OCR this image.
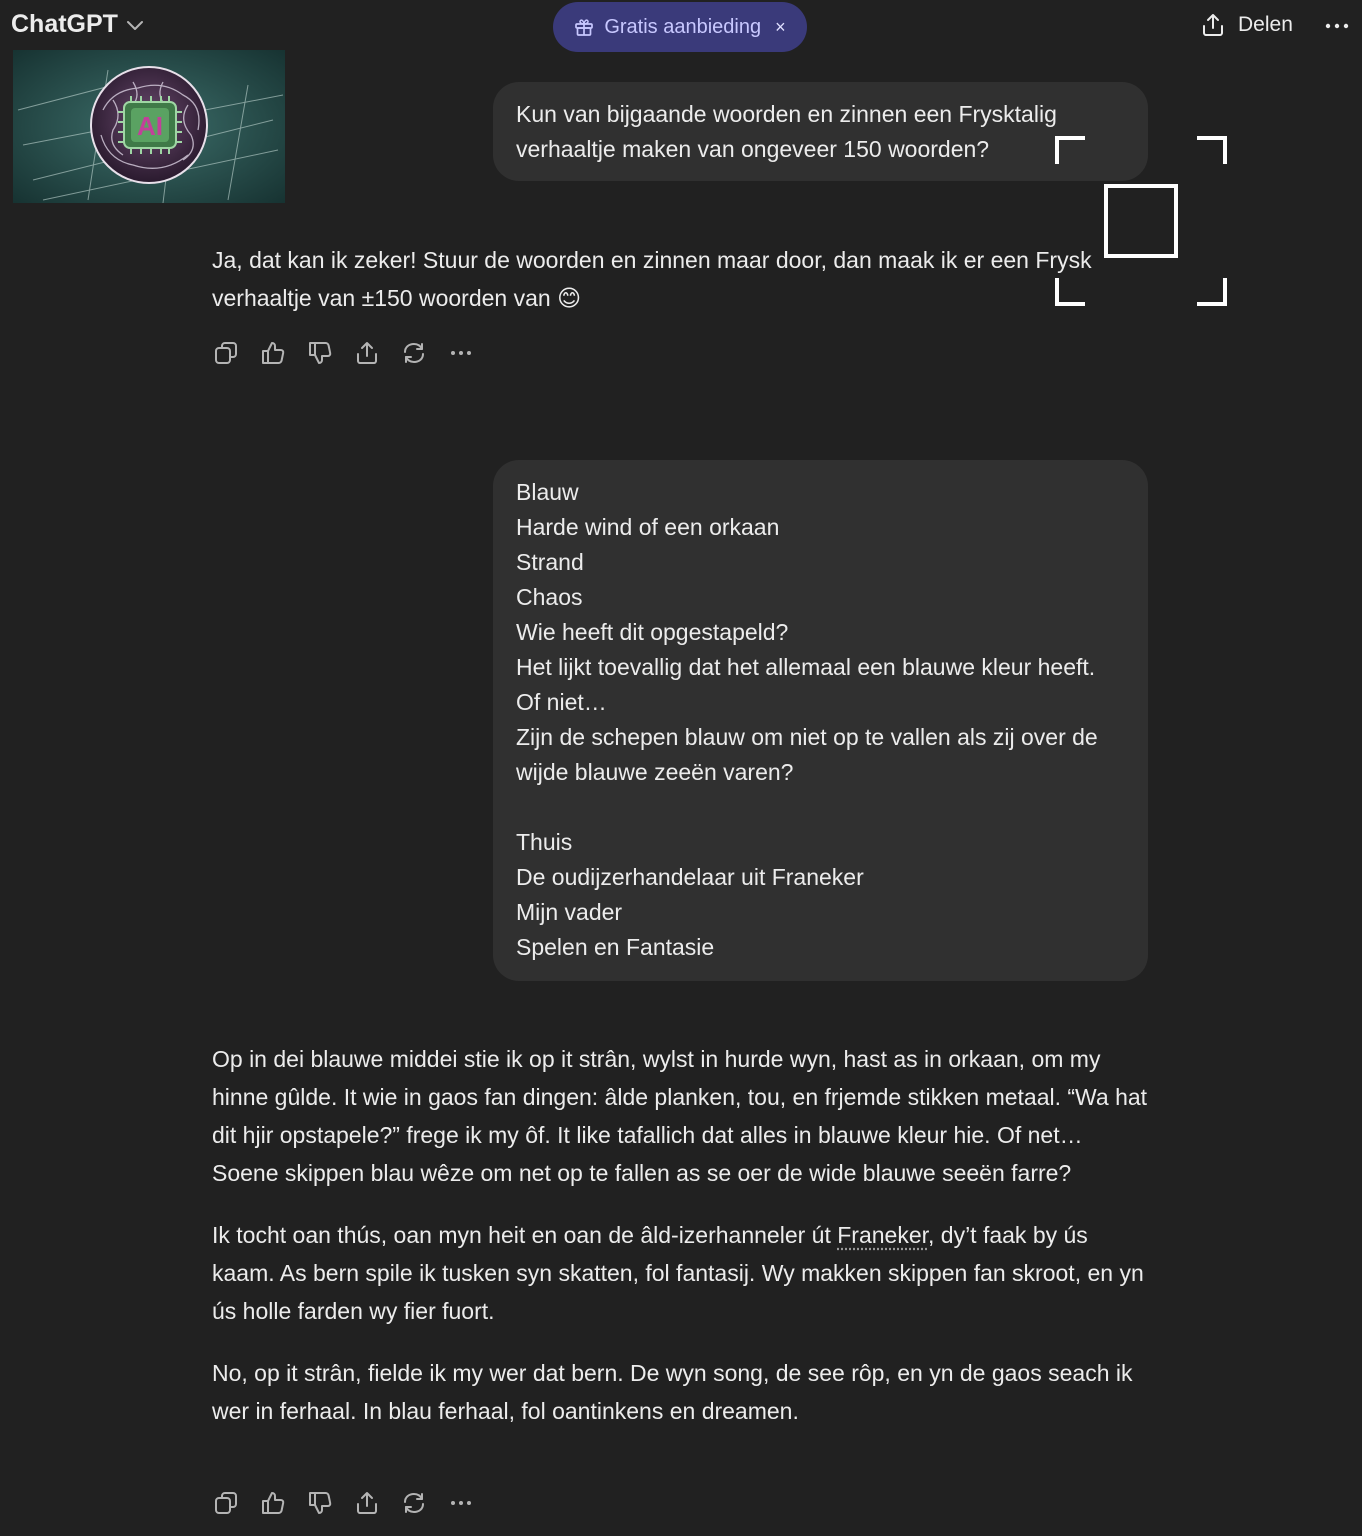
ChatGPT	Gratis aanbieding ×	Delen
AI	Kun van bijgaande woorden en zinnen een Frysktalig verhaaltje maken van ongeveer 150 woorden?

Ja, dat kan ik zeker! Stuur de woorden en zinnen maar door, dan maak ik er een Frysk verhaaltje van ±150 woorden van 😊

Blauw
Harde wind of een orkaan
Strand
Chaos
Wie heeft dit opgestapeld?
Het lijkt toevallig dat het allemaal een blauwe kleur heeft.
Of niet…
Zijn de schepen blauw om niet op te vallen als zij over de
wijde blauwe zeeën varen?
Thuis
De oudijzerhandelaar uit Franeker
Mijn vader
Spelen en Fantasie

Op in dei blauwe middei stie ik op it strân, wylst in hurde wyn, hast as in orkaan, om my hinne gûlde. It wie in gaos fan dingen: âlde planken, tou, en frjemde stikken metaal. “Wa hat dit hjir opstapele?” frege ik my ôf. It like tafallich dat alles in blauwe kleur hie. Of net… Soene skippen blau wêze om net op te fallen as se oer de wide blauwe seeën farre?

Ik tocht oan thús, oan myn heit en oan de âld-izerhanneler út Franeker, dy’t faak by ús kaam. As bern spile ik tusken syn skatten, fol fantasij. Wy makken skippen fan skroot, en yn ús holle farden wy fier fuort.

No, op it strân, fielde ik my wer dat bern. De wyn song, de see rôp, en yn de gaos seach ik wer in ferhaal. In blau ferhaal, fol oantinkens en dreamen.
